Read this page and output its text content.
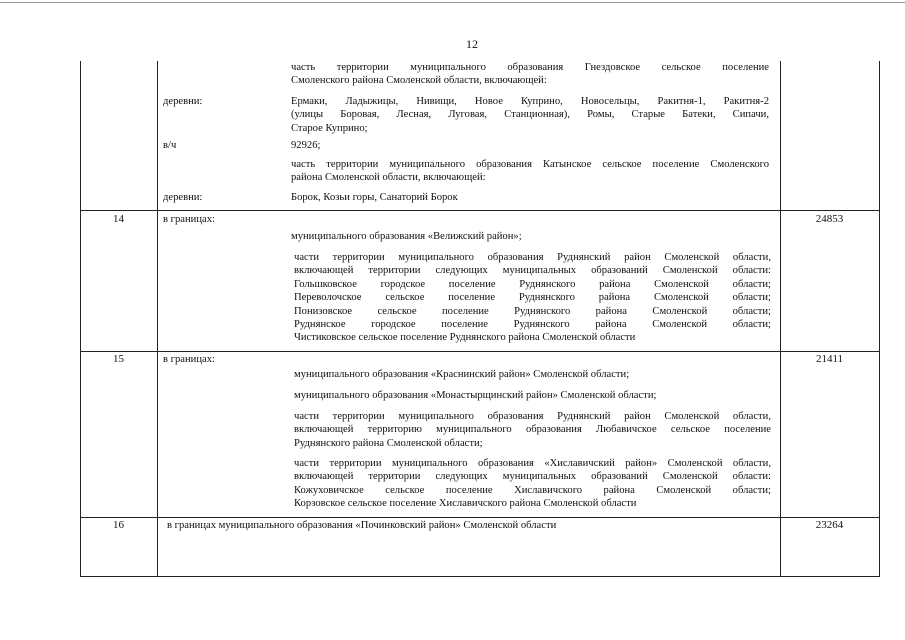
12
часть территории муниципального образования Гнездовское сельское поселение
Смоленского района Смоленской области, включающей:
деревни:	Ермаки, Ладыжицы, Нивищи, Новое Куприно, Новосельцы, Ракитня-1, Ракитня-2
(улицы Боровая, Лесная, Луговая, Станционная), Ромы, Старые Батеки, Сипачи,
Старое Куприно;
в/ч	92926;
часть территории муниципального образования Катынское сельское поселение Смоленского
района Смоленской области, включающей:
деревни:	Борок, Козьи горы, Санаторий Борок
14	в границах:	24853
муниципального образования «Велижский район»;
части территории муниципального образования Руднянский район Смоленской области,
включающей территории следующих муниципальных образований Смоленской области:
Гольшковское городское поселение Руднянского района Смоленской области;
Переволочское сельское поселение Руднянского района Смоленской области;
Понизовское сельское поселение Руднянского района Смоленской области;
Руднянское городское поселение Руднянского района Смоленской области;
Чистиковское сельское поселение Руднянского района Смоленской области
15	в границах:	21411
муниципального образования «Краснинский район» Смоленской области;
муниципального образования «Монастырщинский район» Смоленской области;
части территории муниципального образования Руднянский район Смоленской области,
включающей территорию муниципального образования Любавичское сельское поселение
Руднянского района Смоленской области;
части территории муниципального образования «Хиславичский район» Смоленской области,
включающей территории следующих муниципальных образований Смоленской области:
Кожуховичское сельское поселение Хиславичского района Смоленской области;
Корзовское сельское поселение Хиславичского района Смоленской области
16	в границах муниципального образования «Починковский район» Смоленской области	23264
